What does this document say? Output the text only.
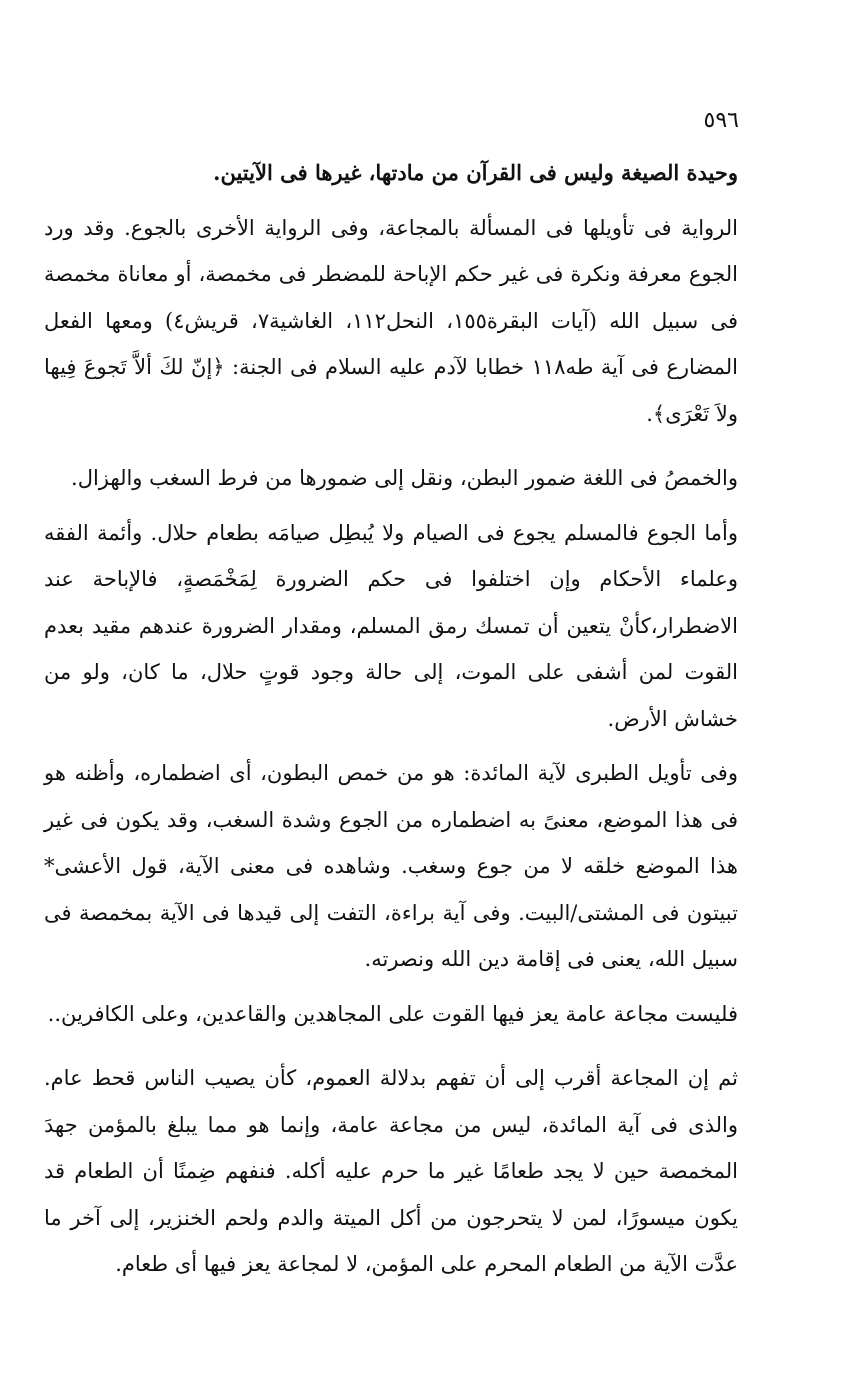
٥٩٦

وحيدة الصيغة وليس فى القرآن من مادتها، غيرها فى الآيتين.

الرواية فى تأويلها فى المسألة بالمجاعة، وفى الرواية الأخرى بالجوع. وقد ورد الجوع معرفة ونكرة فى غير حكم الإباحة للمضطر فى مخمصة، أو معاناة مخمصة فى سبيل الله (آيات البقرة١٥٥، النحل١١٢، الغاشية٧، قريش٤) ومعها الفعل المضارع فى آية طه١١٨ خطابا لآدم عليه السلام فى الجنة: ﴿إنّ لكَ ألاَّ تَجوعَ فِيها ولاَ تَعْرَى﴾.

والخمصُ فى اللغة ضمور البطن، ونقل إلى ضمورها من فرط السغب والهزال.

وأما الجوع فالمسلم يجوع فى الصيام ولا يُبطِل صيامَه بطعام حلال. وأئمة الفقه وعلماء الأحكام وإن اختلفوا فى حكم الضرورة لِمَخْمَصةٍ، فالإباحة عند الاضطرار،كأنْ يتعين أن تمسك رمق المسلم، ومقدار الضرورة عندهم مقيد بعدم القوت لمن أشفى على الموت، إلى حالة وجود قوتٍ حلال، ما كان، ولو من خشاش الأرض.

وفى تأويل الطبرى لآية المائدة: هو من خمص البطون، أى اضطماره، وأظنه هو فى هذا الموضع، معنىً به اضطماره من الجوع وشدة السغب، وقد يكون فى غير هذا الموضع خلقه لا من جوع وسغب. وشاهده فى معنى الآية، قول الأعشى* تبيتون فى المشتى/البيت. وفى آية براءة، التفت إلى قيدها فى الآية بمخمصة فى سبيل الله، يعنى فى إقامة دين الله ونصرته.

فليست مجاعة عامة يعز فيها القوت على المجاهدين والقاعدين، وعلى الكافرين..

ثم إن المجاعة أقرب إلى أن تفهم بدلالة العموم، كأن يصيب الناس قحط عام. والذى فى آية المائدة، ليس من مجاعة عامة، وإنما هو مما يبلغ بالمؤمن جهدَ المخمصة حين لا يجد طعامًا غير ما حرم عليه أكله. فنفهم ضِمنًا أن الطعام قد يكون ميسورًا، لمن لا يتحرجون من أكل الميتة والدم ولحم الخنزير، إلى آخر ما عدَّت الآية من الطعام المحرم على المؤمن، لا لمجاعة يعز فيها أى طعام.
